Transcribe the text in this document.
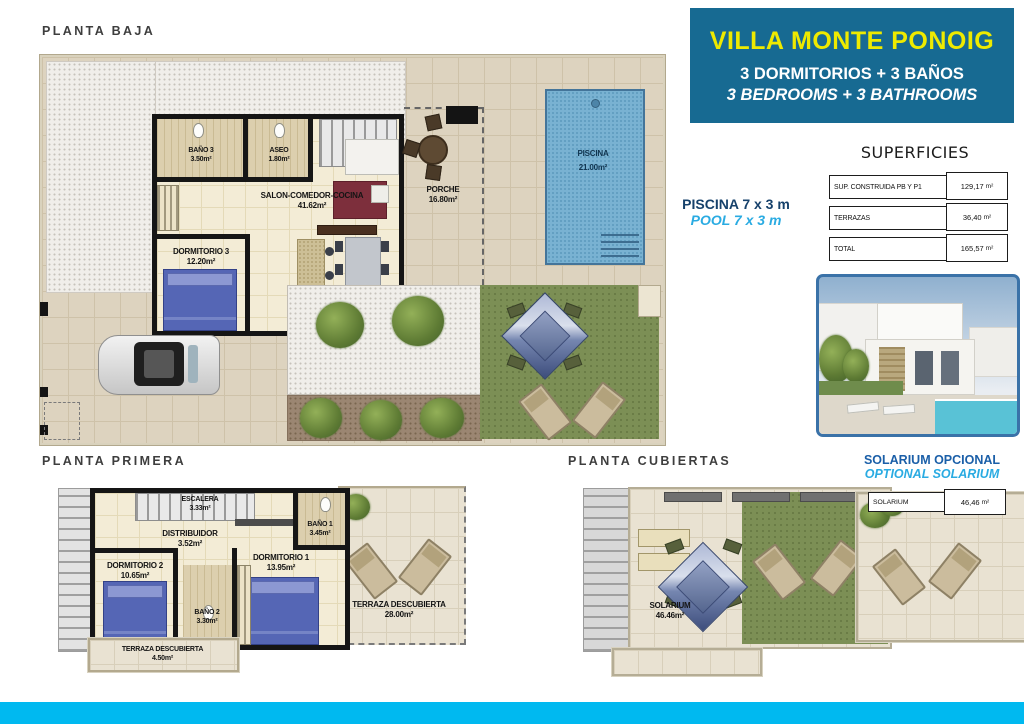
VILLA MONTE PONOIG
3 DORMITORIOS + 3 BAÑOS
3 BEDROOMS + 3 BATHROOMS
PLANTA BAJA
PLANTA PRIMERA	PLANTA CUBIERTAS
BAÑO 3
3.50m²
ASEO
1.80m²
SALON-COMEDOR-COCINA
41.62m²
DORMITORIO 3
12.20m²
PORCHE
16.80m²
PISCINA
21.00m²
PISCINA 7 x 3 m
POOL 7 x 3 m
SUPERFICIES
SUP. CONSTRUIDA PB Y P1	129,17 m²
TERRAZAS	36,40 m²
TOTAL	165,57 m²
TERRAZA DESCUBIERTA
28.00m²
ESCALERA
3.33m²
BAÑO 1
3.45m²
DISTRIBUIDOR
3.52m²
DORMITORIO 1
13.95m²
DORMITORIO 2
10.65m²
BAÑO 2
3.30m²
TERRAZA DESCUBIERTA
4.50m²
SOLARIUM
46.46m²
SOLARIUM OPCIONAL
OPTIONAL SOLARIUM
SOLARIUM	46,46 m²
